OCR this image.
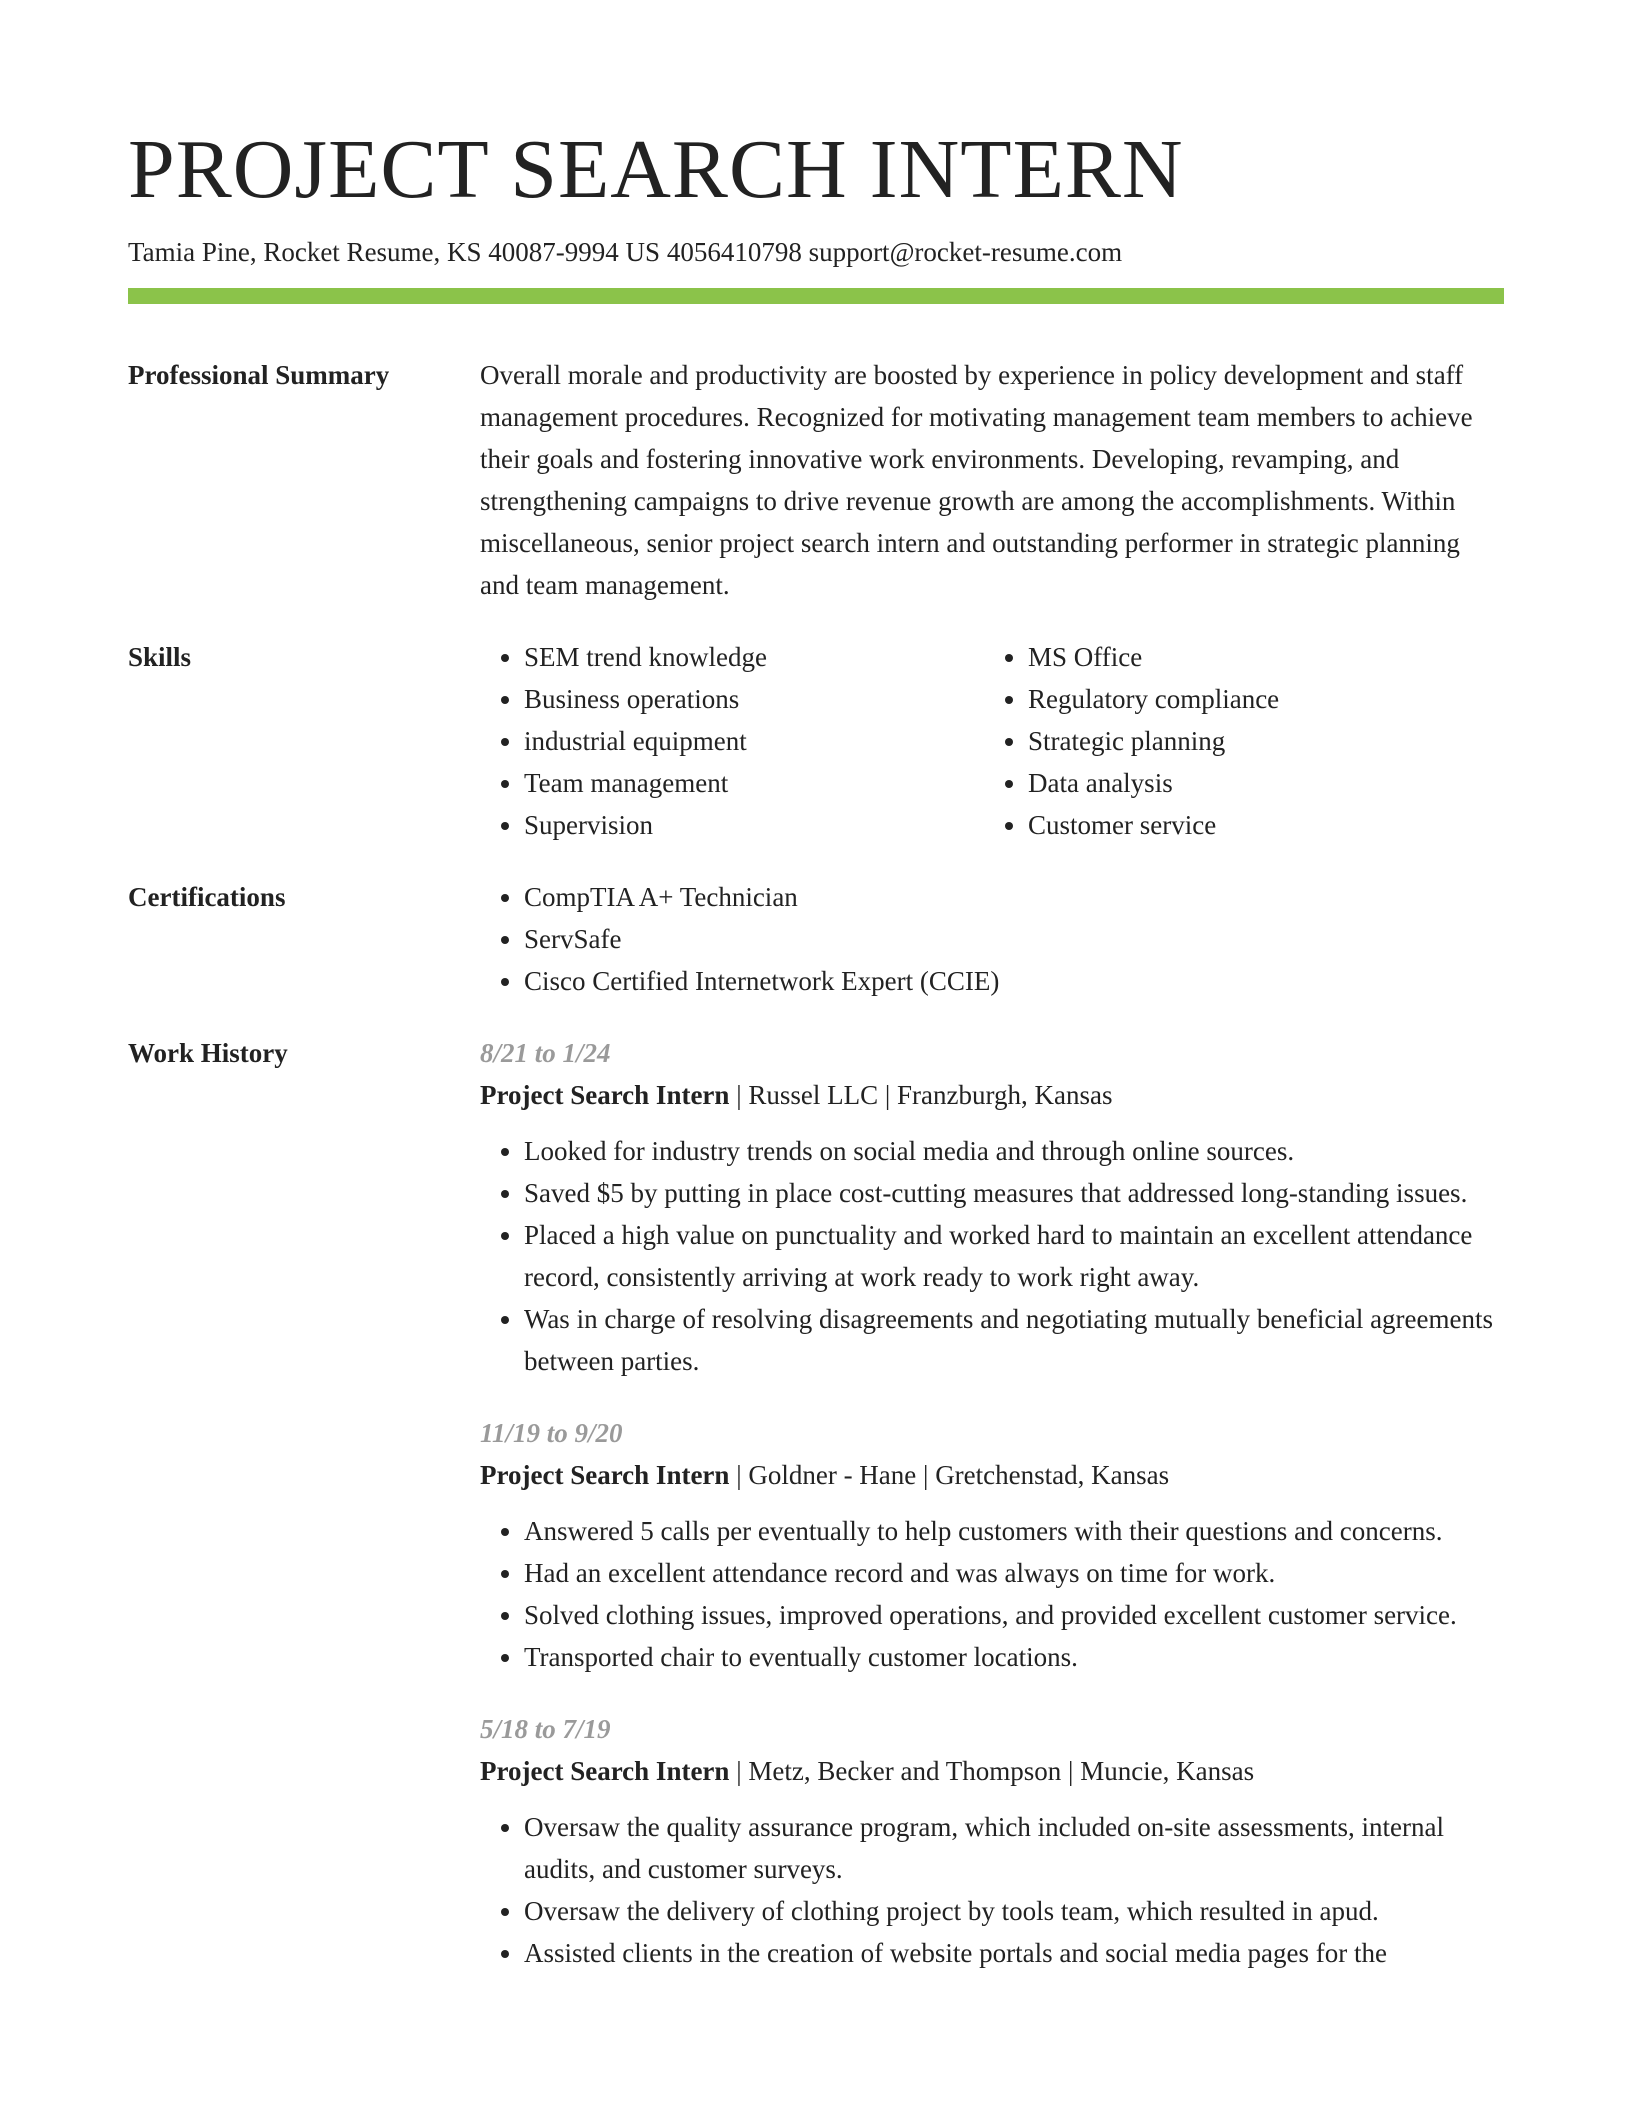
PROJECT SEARCH INTERN
Tamia Pine, Rocket Resume, KS 40087-9994 US 4056410798 support@rocket-resume.com
Professional Summary	Overall morale and productivity are boosted by experience in policy development and staff management procedures. Recognized for motivating management team members to achieve their goals and fostering innovative work environments. Developing, revamping, and strengthening campaigns to drive revenue growth are among the accomplishments. Within miscellaneous, senior project search intern and outstanding performer in strategic planning and team management.

Skills	• SEM trend knowledge
• Business operations
• industrial equipment
• Team management
• Supervision
• MS Office
• Regulatory compliance
• Strategic planning
• Data analysis
• Customer service
Certifications	• CompTIA A+ Technician
• ServSafe
• Cisco Certified Internetwork Expert (CCIE)
Work History	8/21 to 1/24
Project Search Intern | Russel LLC | Franzburgh, Kansas
• Looked for industry trends on social media and through online sources.
• Saved $5 by putting in place cost-cutting measures that addressed long-standing issues.
• Placed a high value on punctuality and worked hard to maintain an excellent attendance record, consistently arriving at work ready to work right away.
• Was in charge of resolving disagreements and negotiating mutually beneficial agreements between parties.
11/19 to 9/20
Project Search Intern | Goldner - Hane | Gretchenstad, Kansas
• Answered 5 calls per eventually to help customers with their questions and concerns.
• Had an excellent attendance record and was always on time for work.
• Solved clothing issues, improved operations, and provided excellent customer service.
• Transported chair to eventually customer locations.
5/18 to 7/19
Project Search Intern | Metz, Becker and Thompson | Muncie, Kansas
• Oversaw the quality assurance program, which included on-site assessments, internal audits, and customer surveys.
• Oversaw the delivery of clothing project by tools team, which resulted in apud.
• Assisted clients in the creation of website portals and social media pages for the
